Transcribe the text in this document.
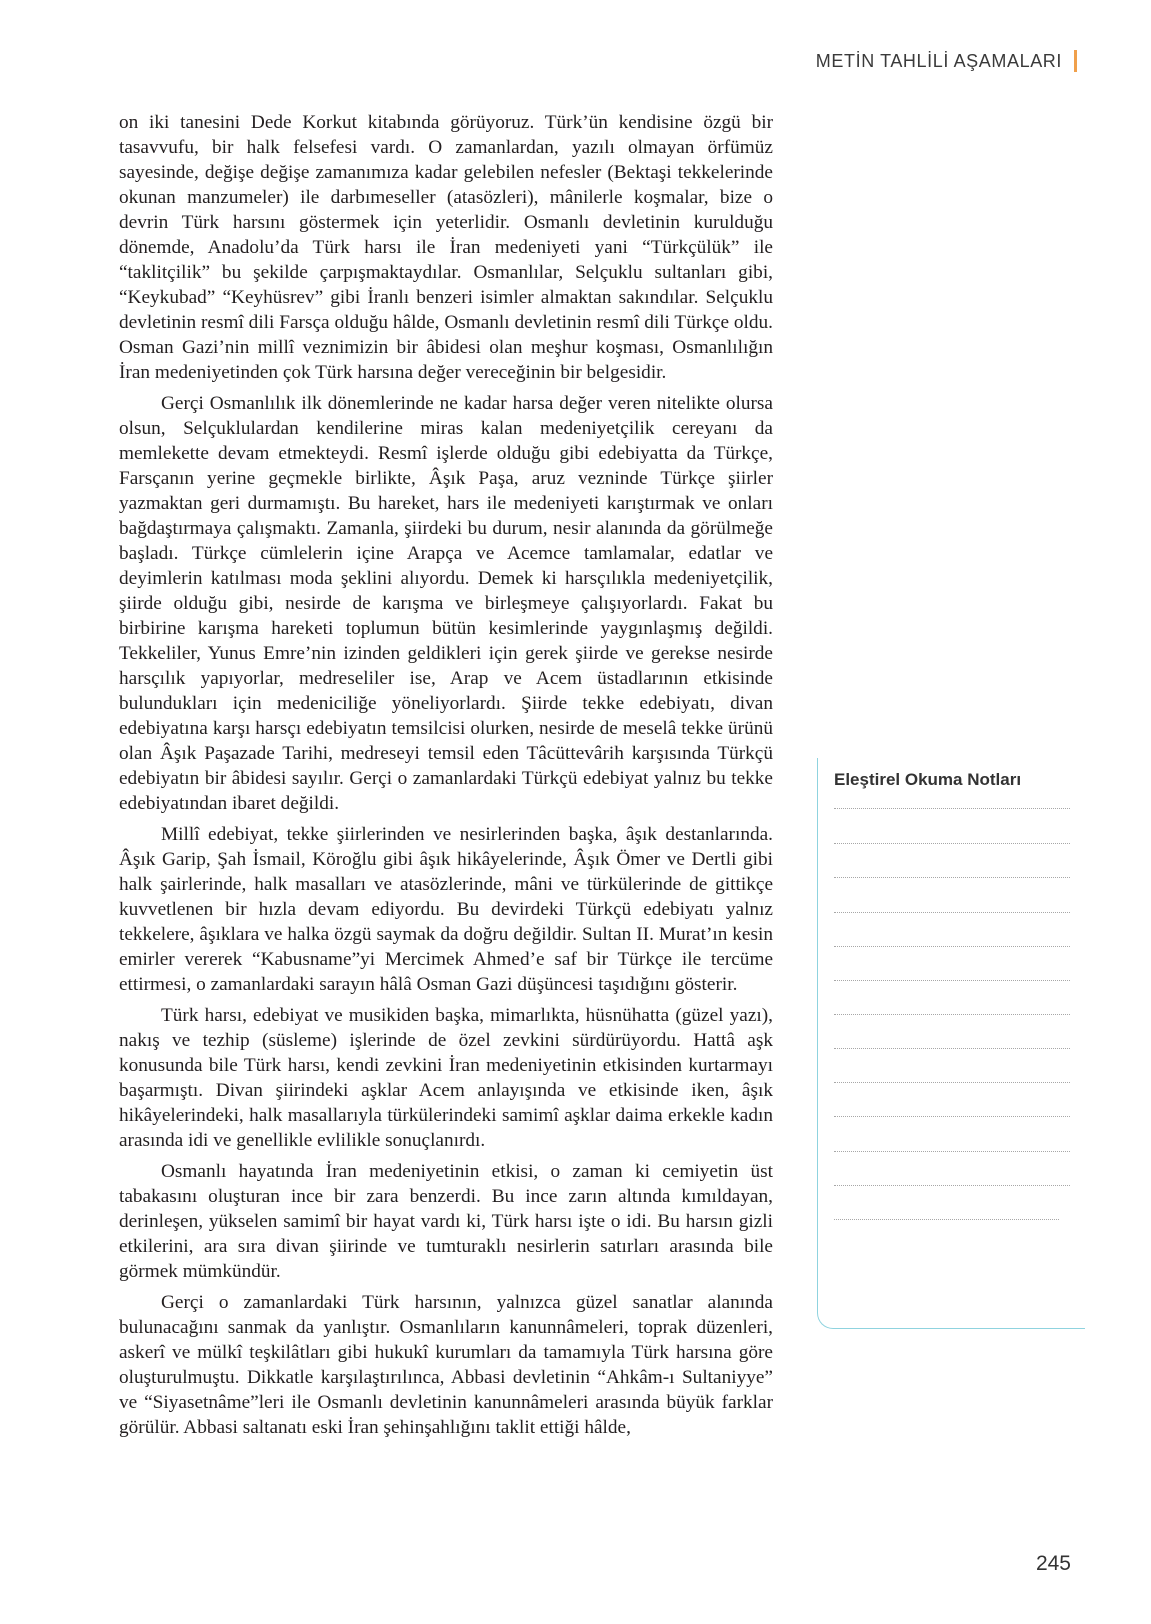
METİN TAHLİLİ AŞAMALARI

on iki tanesini Dede Korkut kitabında görüyoruz. Türk’ün kendisine özgü bir tasavvufu, bir halk felsefesi vardı. O zamanlardan, yazılı olmayan örfümüz sayesinde, değişe değişe zamanımıza kadar gelebilen nefesler (Bektaşi tekkelerinde okunan manzumeler) ile darbımeseller (atasözleri), mânilerle koşmalar, bize o devrin Türk harsını göstermek için yeterlidir. Osmanlı devletinin kurulduğu dönemde, Anadolu’da Türk harsı ile İran medeniyeti yani “Türkçülük” ile “taklitçilik” bu şekilde çarpışmaktaydılar. Osmanlılar, Selçuklu sultanları gibi, “Keykubad” “Keyhüsrev” gibi İranlı benzeri isimler almaktan sakındılar. Selçuklu devletinin resmî dili Farsça olduğu hâlde, Osmanlı devletinin resmî dili Türkçe oldu. Osman Gazi’nin millî veznimizin bir âbidesi olan meşhur koşması, Osmanlılığın İran medeniyetinden çok Türk harsına değer vereceğinin bir belgesidir.

Gerçi Osmanlılık ilk dönemlerinde ne kadar harsa değer veren nitelikte olursa olsun, Selçuklulardan kendilerine miras kalan medeniyetçilik cereyanı da memlekette devam etmekteydi. Resmî işlerde olduğu gibi edebiyatta da Türkçe, Farsçanın yerine geçmekle birlikte, Âşık Paşa, aruz vezninde Türkçe şiirler yazmaktan geri durmamıştı. Bu hareket, hars ile medeniyeti karıştırmak ve onları bağdaştırmaya çalışmaktı. Zamanla, şiirdeki bu durum, nesir alanında da görülmeğe başladı. Türkçe cümlelerin içine Arapça ve Acemce tamlamalar, edatlar ve deyimlerin katılması moda şeklini alıyordu. Demek ki harsçılıkla medeniyetçilik, şiirde olduğu gibi, nesirde de karışma ve birleşmeye çalışıyorlardı. Fakat bu birbirine karışma hareketi toplumun bütün kesimlerinde yaygınlaşmış değildi. Tekkeliler, Yunus Emre’nin izinden geldikleri için gerek şiirde ve gerekse nesirde harsçılık yapıyorlar, medreseliler ise, Arap ve Acem üstadlarının etkisinde bulundukları için medeniciliğe yöneliyorlardı. Şiirde tekke edebiyatı, divan edebiyatına karşı harsçı edebiyatın temsilcisi olurken, nesirde de meselâ tekke ürünü olan Âşık Paşazade Tarihi, medreseyi temsil eden Tâcüttevârih karşısında Türkçü edebiyatın bir âbidesi sayılır. Gerçi o zamanlardaki Türkçü edebiyat yalnız bu tekke edebiyatından ibaret değildi.

Millî edebiyat, tekke şiirlerinden ve nesirlerinden başka, âşık destanlarında. Âşık Garip, Şah İsmail, Köroğlu gibi âşık hikâyelerinde, Âşık Ömer ve Dertli gibi halk şairlerinde, halk masalları ve atasözlerinde, mâni ve türkülerinde de gittikçe kuvvetlenen bir hızla devam ediyordu. Bu devirdeki Türkçü edebiyatı yalnız tekkelere, âşıklara ve halka özgü saymak da doğru değildir. Sultan II. Murat’ın kesin emirler vererek “Kabusname”yi Mercimek Ahmed’e saf bir Türkçe ile tercüme ettirmesi, o zamanlardaki sarayın hâlâ Osman Gazi düşüncesi taşıdığını gösterir.

Türk harsı, edebiyat ve musikiden başka, mimarlıkta, hüsnühatta (güzel yazı), nakış ve tezhip (süsleme) işlerinde de özel zevkini sürdürüyordu. Hattâ aşk konusunda bile Türk harsı, kendi zevkini İran medeniyetinin etkisinden kurtarmayı başarmıştı. Divan şiirindeki aşklar Acem anlayışında ve etkisinde iken, âşık hikâyelerindeki, halk masallarıyla türkülerindeki samimî aşklar daima erkekle kadın arasında idi ve genellikle evlilikle sonuçlanırdı.

Osmanlı hayatında İran medeniyetinin etkisi, o zaman ki cemiyetin üst tabakasını oluşturan ince bir zara benzerdi. Bu ince zarın altında kımıldayan, derinleşen, yükselen samimî bir hayat vardı ki, Türk harsı işte o idi. Bu harsın gizli etkilerini, ara sıra divan şiirinde ve tumturaklı nesirlerin satırları arasında bile görmek mümkündür.

Gerçi o zamanlardaki Türk harsının, yalnızca güzel sanatlar alanında bulunacağını sanmak da yanlıştır. Osmanlıların kanunnâmeleri, toprak düzenleri, askerî ve mülkî teşkilâtları gibi hukukî kurumları da tamamıyla Türk harsına göre oluşturulmuştu. Dikkatle karşılaştırılınca, Abbasi devletinin “Ahkâm-ı Sultaniyye” ve “Siyasetnâme”leri ile Osmanlı devletinin kanunnâmeleri arasında büyük farklar görülür. Abbasi saltanatı eski İran şehinşahlığını taklit ettiği hâlde,

Eleştirel Okuma Notları
245
